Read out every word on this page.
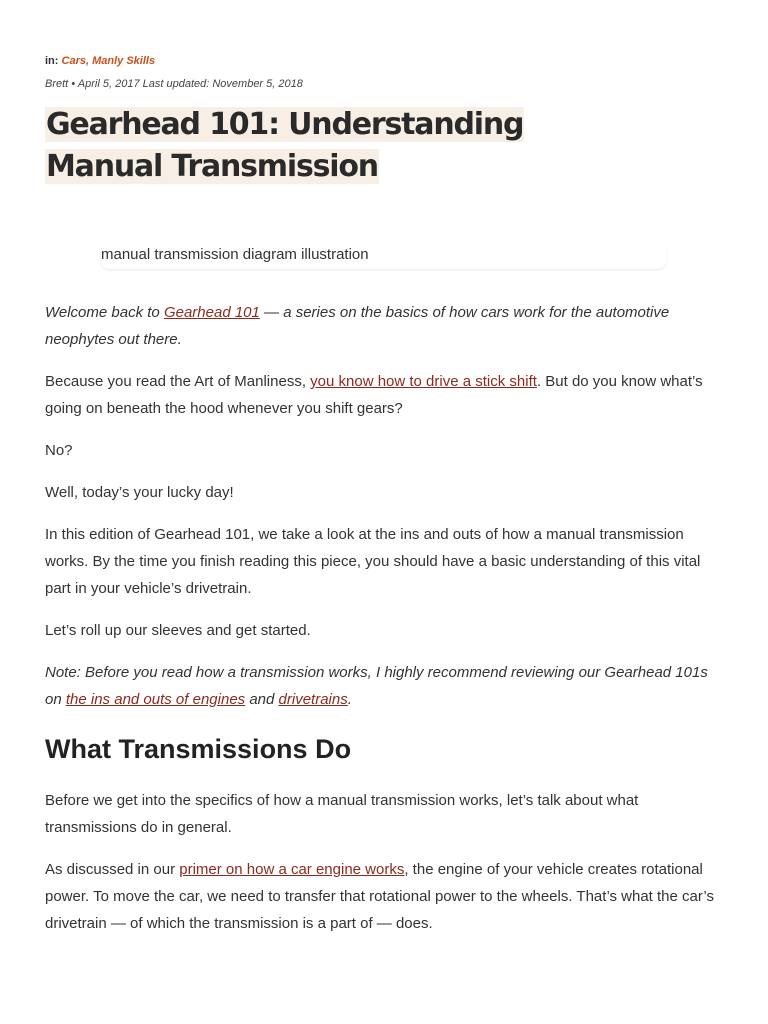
in: Cars, Manly Skills
Brett • April 5, 2017 Last updated: November 5, 2018
Gearhead 101: Understanding Manual Transmission
manual transmission diagram illustration

Welcome back to Gearhead 101 — a series on the basics of how cars work for the automotive neophytes out there.

Because you read the Art of Manliness, you know how to drive a stick shift. But do you know what’s going on beneath the hood whenever you shift gears?

No?

Well, today’s your lucky day!

In this edition of Gearhead 101, we take a look at the ins and outs of how a manual transmission works. By the time you finish reading this piece, you should have a basic understanding of this vital part in your vehicle’s drivetrain.

Let’s roll up our sleeves and get started.

Note: Before you read how a transmission works, I highly recommend reviewing our Gearhead 101s on the ins and outs of engines and drivetrains.

What Transmissions Do

Before we get into the specifics of how a manual transmission works, let’s talk about what transmissions do in general.

As discussed in our primer on how a car engine works, the engine of your vehicle creates rotational power. To move the car, we need to transfer that rotational power to the wheels. That’s what the car’s drivetrain — of which the transmission is a part of — does.
